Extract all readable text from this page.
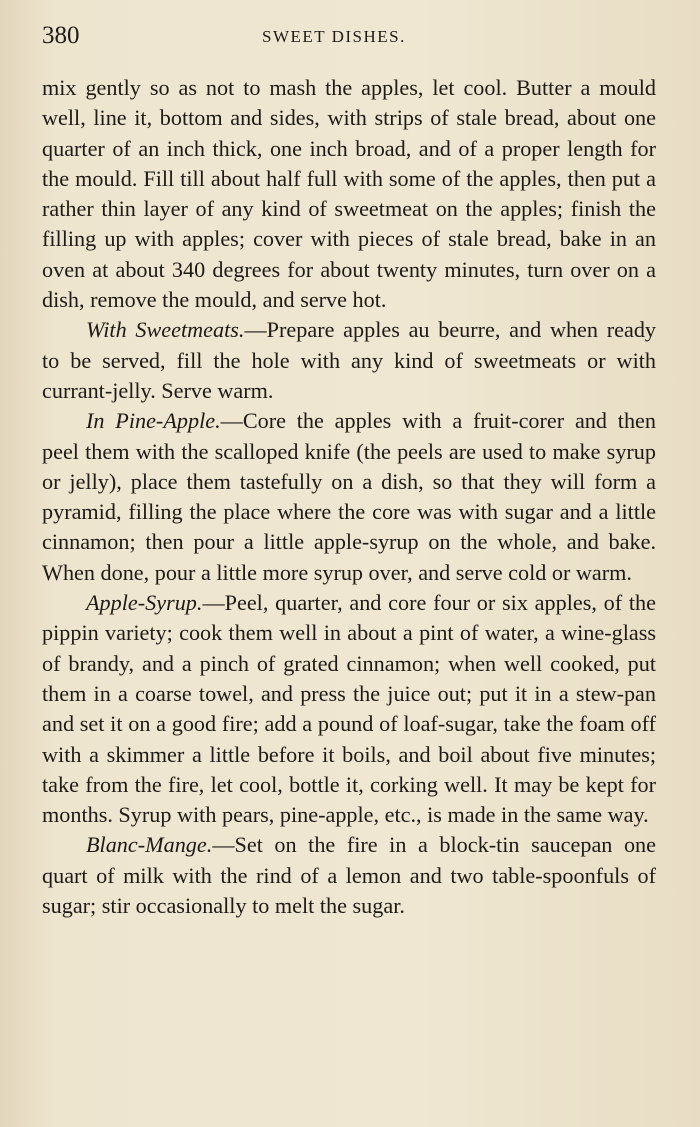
380	SWEET DISHES.

mix gently so as not to mash the apples, let cool. Butter a mould well, line it, bottom and sides, with strips of stale bread, about one quarter of an inch thick, one inch broad, and of a proper length for the mould. Fill till about half full with some of the apples, then put a rather thin layer of any kind of sweetmeat on the apples; finish the filling up with apples; cover with pieces of stale bread, bake in an oven at about 340 degrees for about twenty minutes, turn over on a dish, remove the mould, and serve hot.

With Sweetmeats.—Prepare apples au beurre, and when ready to be served, fill the hole with any kind of sweetmeats or with currant-jelly. Serve warm.

In Pine-Apple.—Core the apples with a fruit-corer and then peel them with the scalloped knife (the peels are used to make syrup or jelly), place them tastefully on a dish, so that they will form a pyramid, filling the place where the core was with sugar and a little cinnamon; then pour a little apple-syrup on the whole, and bake. When done, pour a little more syrup over, and serve cold or warm.

Apple-Syrup.—Peel, quarter, and core four or six apples, of the pippin variety; cook them well in about a pint of water, a wine-glass of brandy, and a pinch of grated cinnamon; when well cooked, put them in a coarse towel, and press the juice out; put it in a stew-pan and set it on a good fire; add a pound of loaf-sugar, take the foam off with a skimmer a little before it boils, and boil about five minutes; take from the fire, let cool, bottle it, corking well. It may be kept for months. Syrup with pears, pine-apple, etc., is made in the same way.

Blanc-Mange.—Set on the fire in a block-tin saucepan one quart of milk with the rind of a lemon and two table-spoonfuls of sugar; stir occasionally to melt the sugar.
